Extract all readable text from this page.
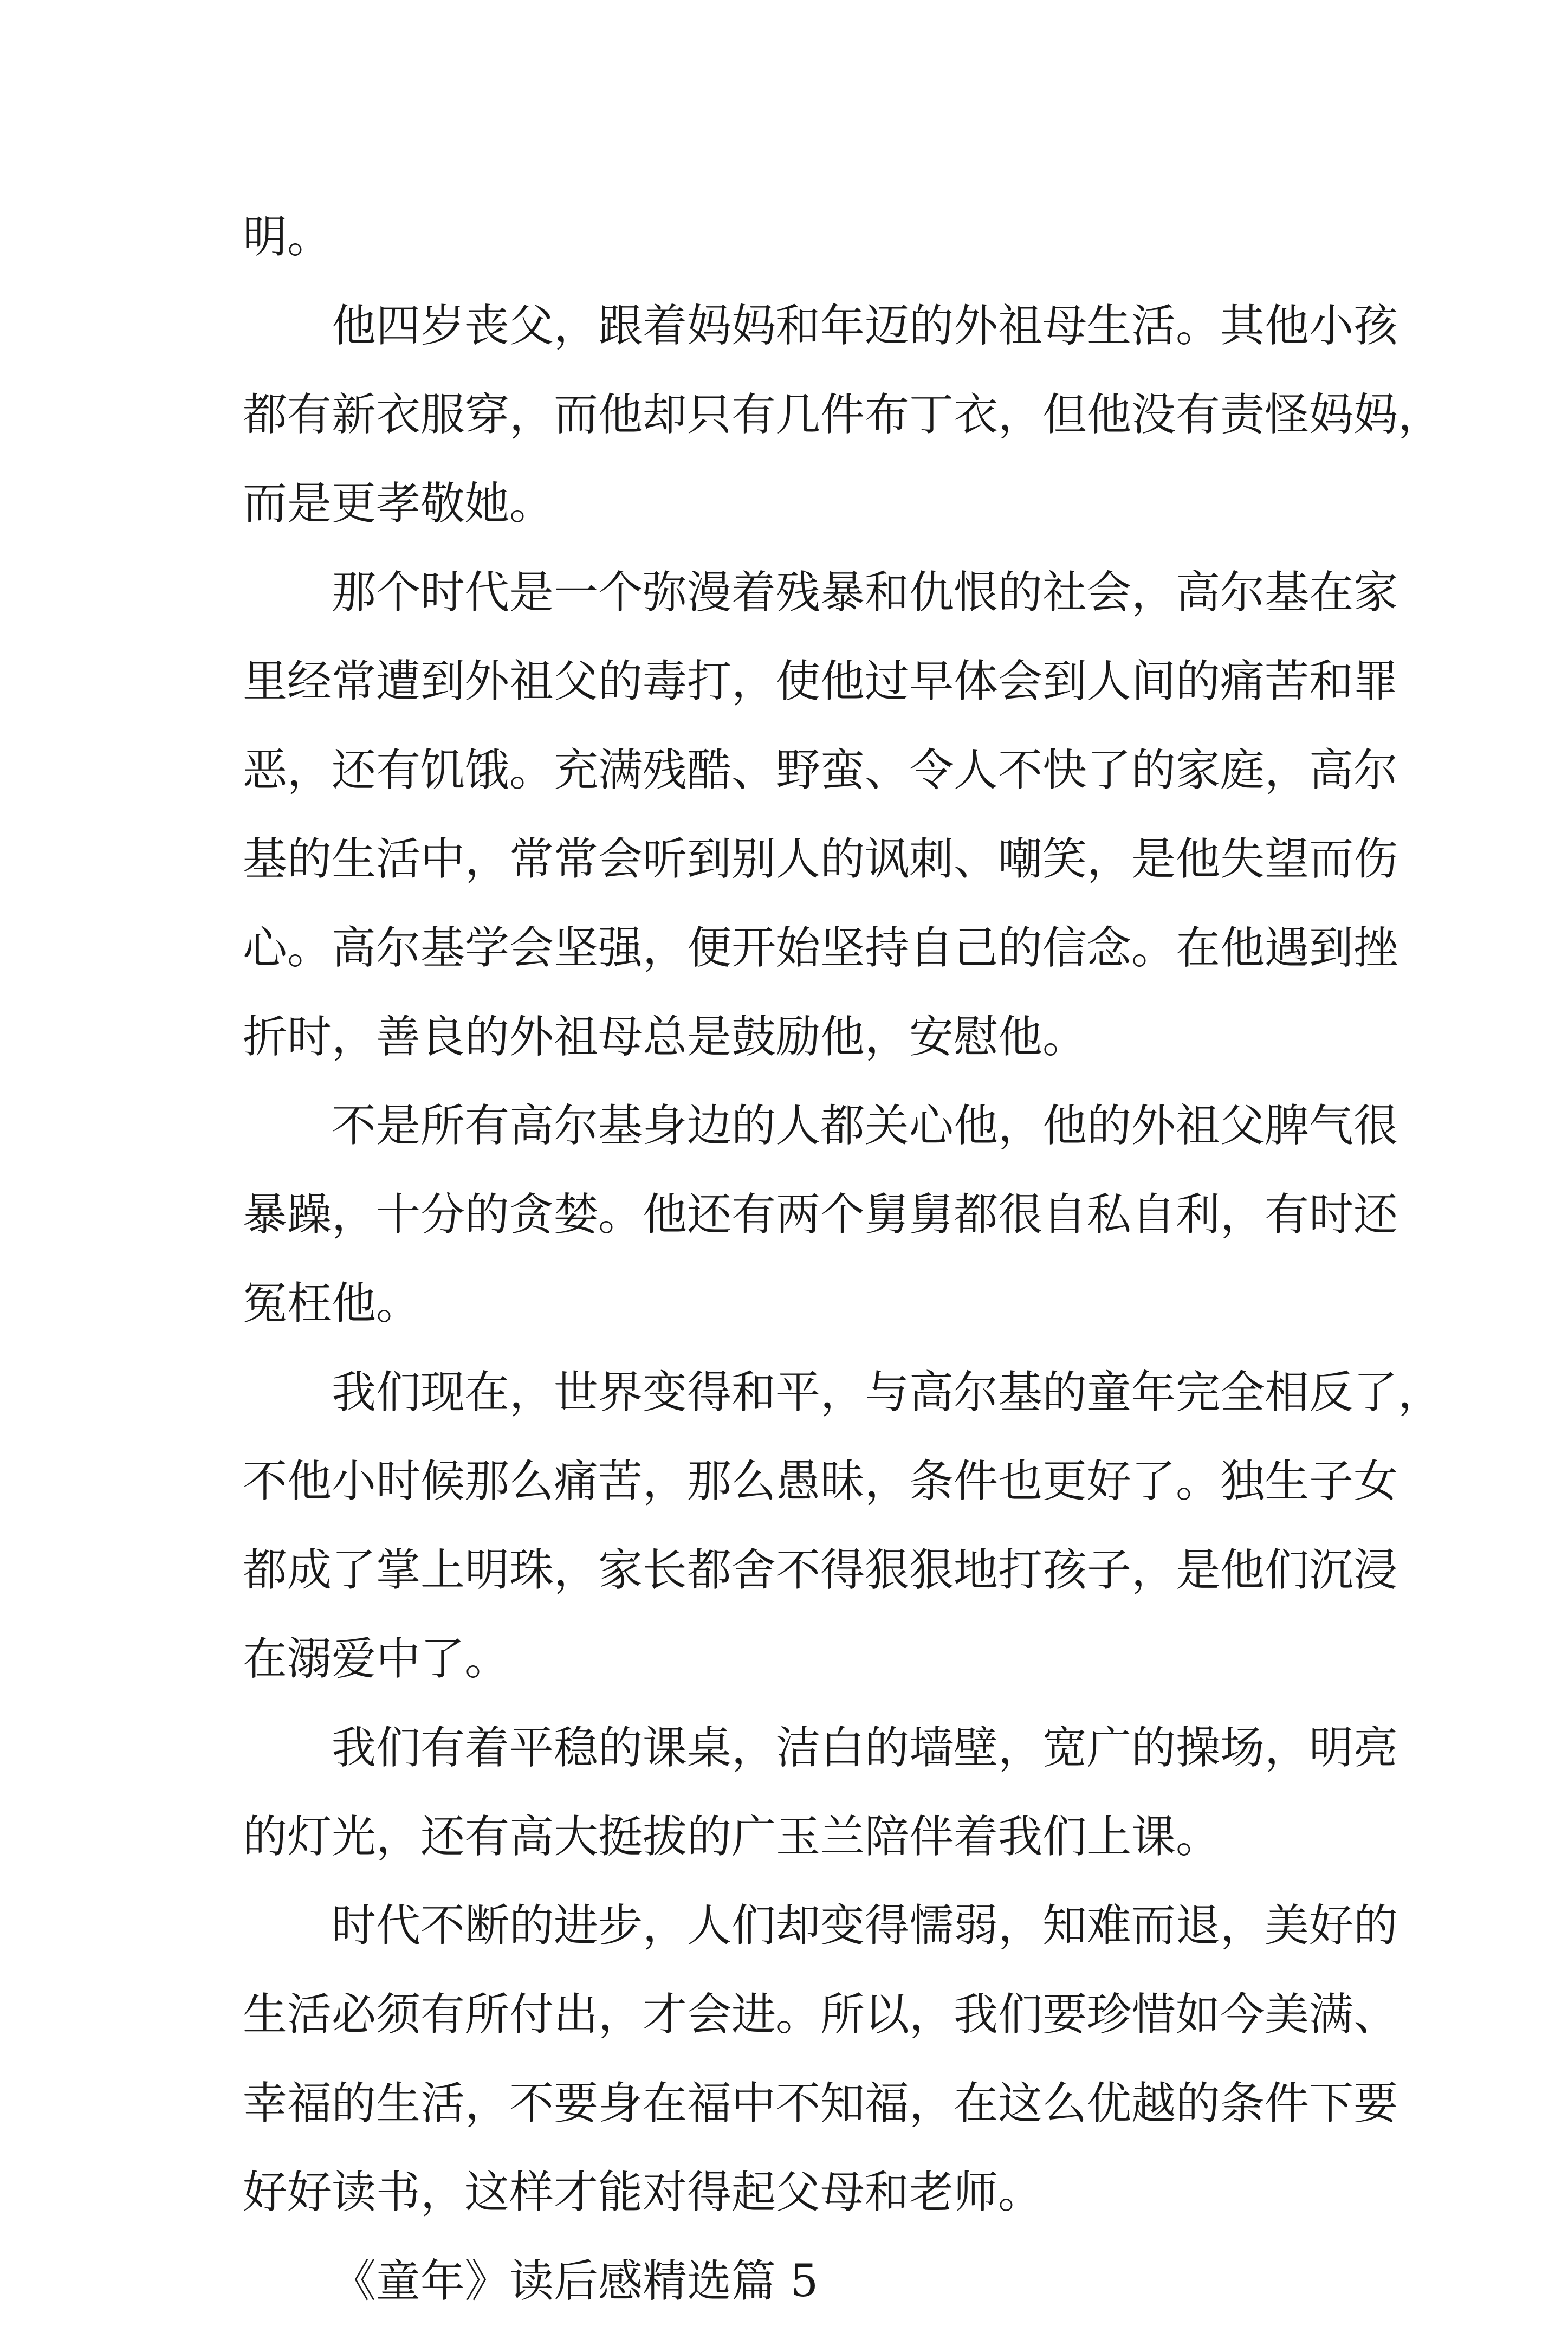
明。
他四岁丧父，跟着妈妈和年迈的外祖母生活。其他小孩
都有新衣服穿，而他却只有几件布丁衣，但他没有责怪妈妈，
而是更孝敬她。
那个时代是一个弥漫着残暴和仇恨的社会，高尔基在家
里经常遭到外祖父的毒打，使他过早体会到人间的痛苦和罪
恶，还有饥饿。充满残酷、野蛮、令人不快了的家庭，高尔
基的生活中，常常会听到别人的讽刺、嘲笑，是他失望而伤
心。高尔基学会坚强，便开始坚持自己的信念。在他遇到挫
折时，善良的外祖母总是鼓励他，安慰他。
不是所有高尔基身边的人都关心他，他的外祖父脾气很
暴躁，十分的贪婪。他还有两个舅舅都很自私自利，有时还
冤枉他。
我们现在，世界变得和平，与高尔基的童年完全相反了，
不他小时候那么痛苦，那么愚昧，条件也更好了。独生子女
都成了掌上明珠，家长都舍不得狠狠地打孩子，是他们沉浸
在溺爱中了。
我们有着平稳的课桌，洁白的墙壁，宽广的操场，明亮
的灯光，还有高大挺拔的广玉兰陪伴着我们上课。
时代不断的进步，人们却变得懦弱，知难而退，美好的
生活必须有所付出，才会进。所以，我们要珍惜如今美满、
幸福的生活，不要身在福中不知福，在这么优越的条件下要
好好读书，这样才能对得起父母和老师。
《童年》读后感精选篇 5
